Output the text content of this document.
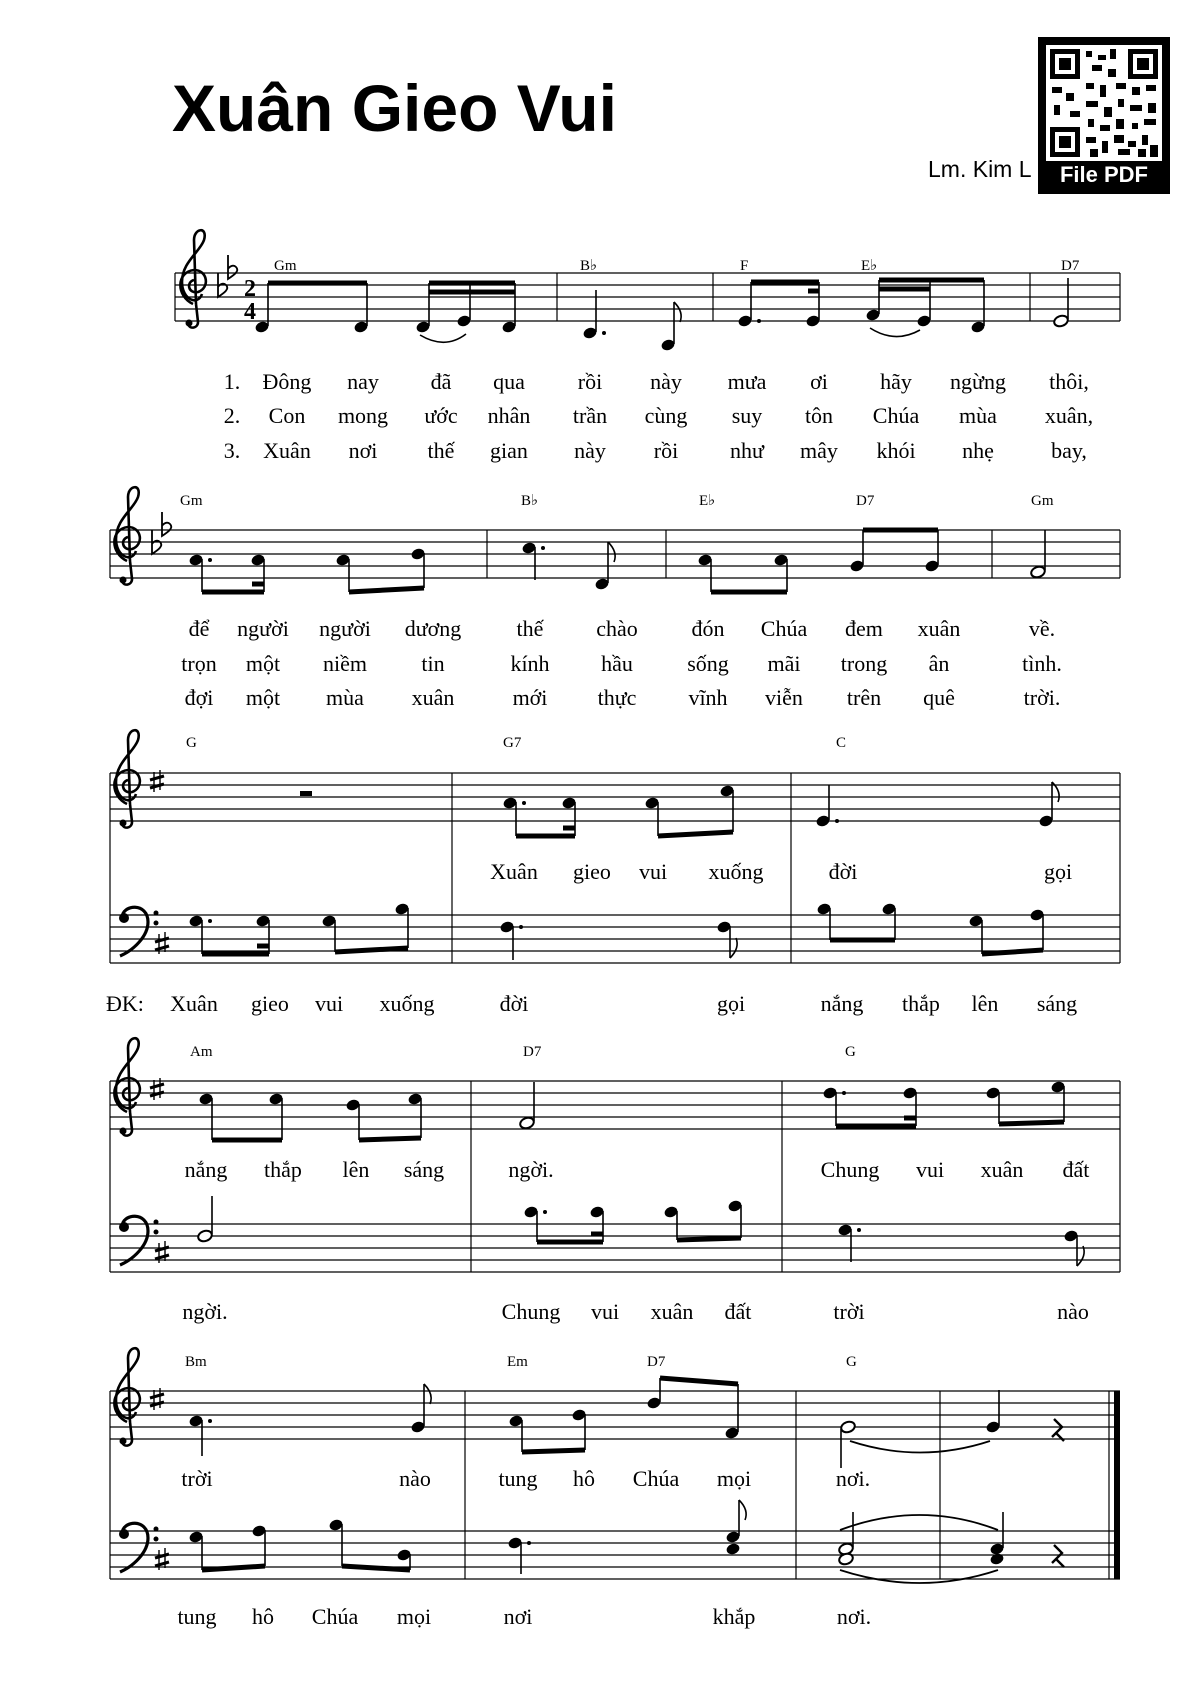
Xuân Gieo Vui
Lm. Kim L	File PDF
2
4
Gm	B♭	F	E♭	D7
1. Đông nay đã qua rồi này mưa ơi hãy ngừng thôi,
2. Con mong ước nhân trần cùng suy tôn Chúa mùa xuân,
3. Xuân nơi thế gian này rồi như mây khói nhẹ	bay,
Gm	B♭	E♭	D7	Gm
để người người dương	thế chào đón Chúa đem xuân	về.
trọn một niềm tin	kính hầu sống mãi trong ân	tình.
đợi một mùa xuân	mới thực vĩnh viễn trên quê	trời.
G	G7	C
Xuân gieo vui xuống	đời	gọi
ĐK: Xuân gieo vui xuống	đời	gọi	nắng thắp lên sáng
Am	D7	G
nắng thắp lên sáng	ngời.	Chung vui xuân đất
ngời.	Chung vui xuân đất	trời	nào
Bm	Em	D7	G
trời	nào	tung hô Chúa mọi	nơi.
tung hô Chúa mọi	nơi	khắp	nơi.
